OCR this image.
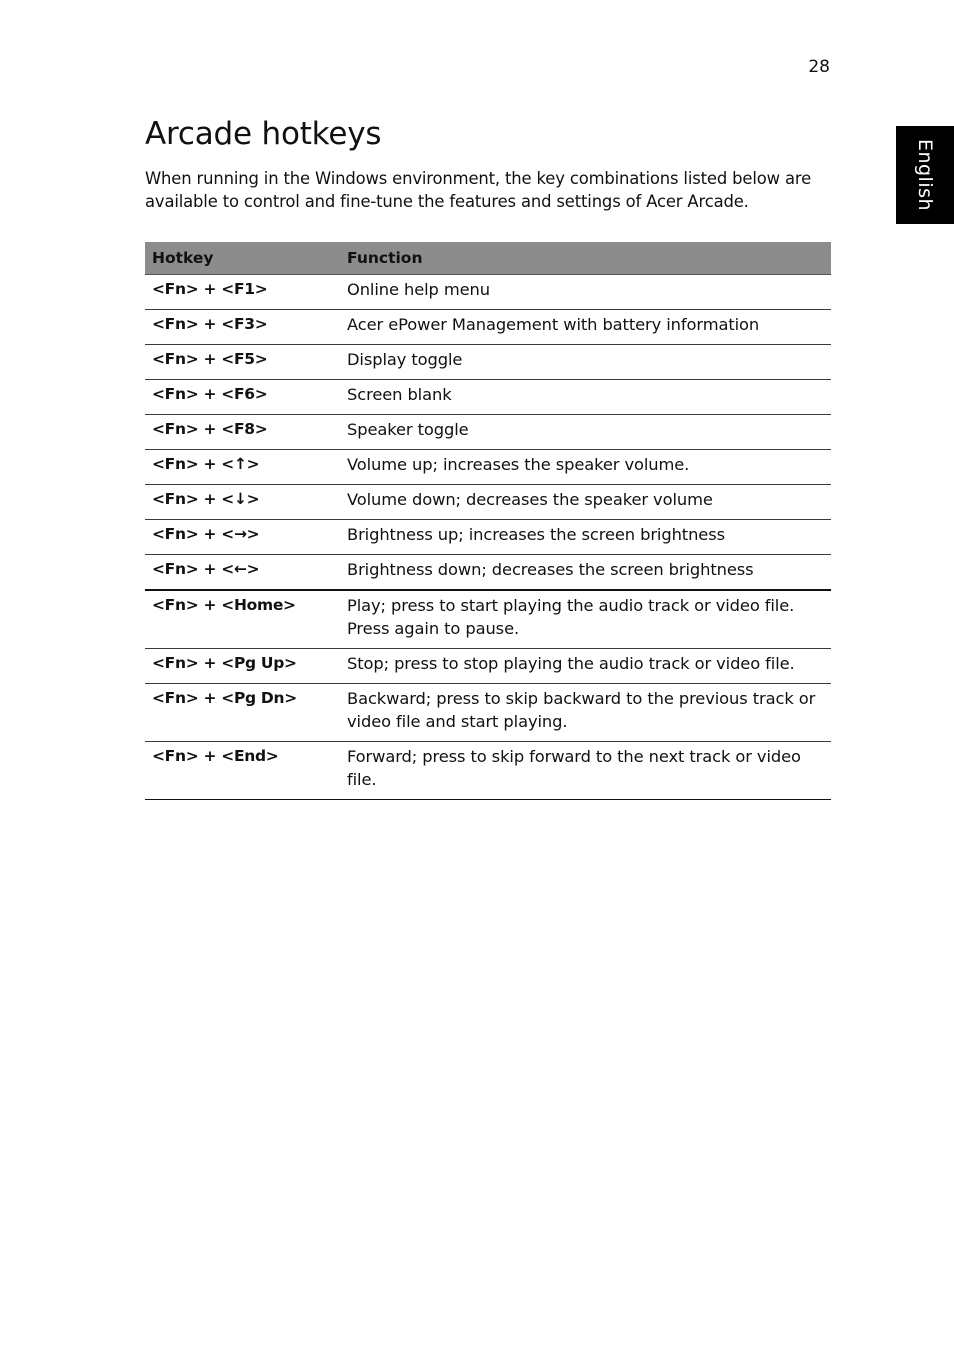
28
English
Arcade hotkeys

When running in the Windows environment, the key combinations listed below are available to control and fine-tune the features and settings of Acer Arcade.

Hotkey	Function
<Fn> + <F1>	Online help menu
<Fn> + <F3>	Acer ePower Management with battery information
<Fn> + <F5>	Display toggle
<Fn> + <F6>	Screen blank
<Fn> + <F8>	Speaker toggle
<Fn> + <↑>	Volume up; increases the speaker volume.
<Fn> + <↓>	Volume down; decreases the speaker volume
<Fn> + <→>	Brightness up; increases the screen brightness
<Fn> + <←>	Brightness down; decreases the screen brightness
<Fn> + <Home>	Play; press to start playing the audio track or video file. Press again to pause.
<Fn> + <Pg Up>	Stop; press to stop playing the audio track or video file.
<Fn> + <Pg Dn>	Backward; press to skip backward to the previous track or video file and start playing.
<Fn> + <End>	Forward; press to skip forward to the next track or video file.
